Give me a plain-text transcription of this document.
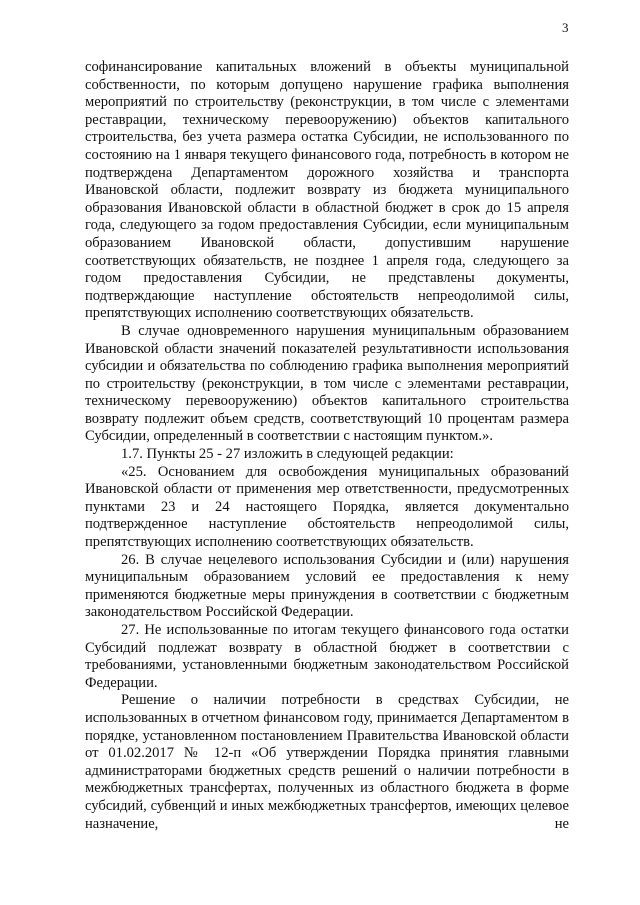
3

софинансирование капитальных вложений в объекты муниципальной собственности, по которым допущено нарушение графика выполнения мероприятий по строительству (реконструкции, в том числе с элементами реставрации, техническому перевооружению) объектов капитального строительства, без учета размера остатка Субсидии, не использованного по состоянию на 1 января текущего финансового года, потребность в котором не подтверждена Департаментом дорожного хозяйства и транспорта Ивановской области, подлежит возврату из бюджета муниципального образования Ивановской области в областной бюджет в срок до 15 апреля года, следующего за годом предоставления Субсидии, если муниципальным образованием Ивановской области, допустившим нарушение соответствующих обязательств, не позднее 1 апреля года, следующего за годом предоставления Субсидии, не представлены документы, подтверждающие наступление обстоятельств непреодолимой силы, препятствующих исполнению соответствующих обязательств.

В случае одновременного нарушения муниципальным образованием Ивановской области значений показателей результативности использования субсидии и обязательства по соблюдению графика выполнения мероприятий по строительству (реконструкции, в том числе с элементами реставрации, техническому перевооружению) объектов капитального строительства возврату подлежит объем средств, соответствующий 10 процентам размера Субсидии, определенный в соответствии с настоящим пунктом.».

1.7. Пункты 25 - 27 изложить в следующей редакции:

«25. Основанием для освобождения муниципальных образований Ивановской области от применения мер ответственности, предусмотренных пунктами 23 и 24 настоящего Порядка, является документально подтвержденное наступление обстоятельств непреодолимой силы, препятствующих исполнению соответствующих обязательств.

26. В случае нецелевого использования Субсидии и (или) нарушения муниципальным образованием условий ее предоставления к нему применяются бюджетные меры принуждения в соответствии с бюджетным законодательством Российской Федерации.

27. Не использованные по итогам текущего финансового года остатки Субсидий подлежат возврату в областной бюджет в соответствии с требованиями, установленными бюджетным законодательством Российской Федерации.

Решение о наличии потребности в средствах Субсидии, не использованных в отчетном финансовом году, принимается Департаментом в порядке, установленном постановлением Правительства Ивановской области от 01.02.2017 № 12-п «Об утверждении Порядка принятия главными администраторами бюджетных средств решений о наличии потребности в межбюджетных трансфертах, полученных из областного бюджета в форме субсидий, субвенций и иных межбюджетных трансфертов, имеющих целевое назначение, не
